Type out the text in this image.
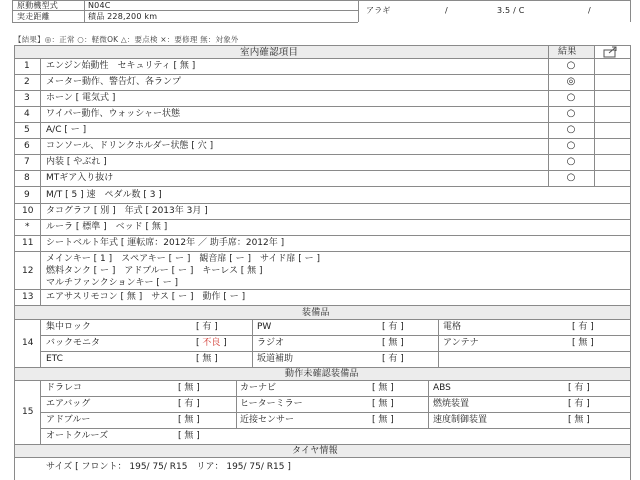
原動機型式	N04C
実走距離	積品 228,200 km
アラギ	/	3.5 / C	/
【結果】◎：正常 ○：軽微OK △：要点検 ×：要修理 無：対象外
室内確認項目	結果
1 エンジン始動性　セキュリティ [ 無 ]	○
2 メーター動作、警告灯、各ランプ	◎
3 ホーン [ 電気式 ]	○
4 ワイパー動作、ウォッシャー状態	○
5 A/C [ ー ]	○
6 コンソール、ドリンクホルダー状態 [ 穴 ]	○
7 内装 [ やぶれ ]	○
8 MTギア入り抜け	○
9 M/T [ 5 ] 速　ペダル数 [ 3 ]
10 タコグラフ [ 別 ]　年式 [ 2013年 3月 ]
* ルーラ [ 標準 ]　ベッド [ 無 ]
11 シートベルト年式 [ 運転席：2012年 ／ 助手席：2012年 ]
12
メインキー [ 1 ]　スペアキー [ ー ]　観音扉 [ ー ]　サイド扉 [ ー ]
燃料タンク [ ー ]　アドブルー [ ー ]　キーレス [ 無 ]
マルチファンクションキー [ ー ]
13 エアサスリモコン [ 無 ]　サス [ ー ]　動作 [ ー ]
装備品
14
集中ロック	[ 有 ]	PW	[ 有 ]	電格	[ 有 ]
バックモニタ	[ 不良 ]	ラジオ	[ 無 ]	アンテナ	[ 無 ]
ETC	[ 無 ]	坂道補助	[ 有 ]
動作未確認装備品
15
ドラレコ	[ 無 ]	カーナビ	[ 無 ]	ABS	[ 有 ]
エアバッグ	[ 有 ]	ヒーターミラー	[ 無 ]	燃焼装置	[ 有 ]
アドブルー	[ 無 ]	近接センサー	[ 無 ]	速度制御装置	[ 無 ]
オートクルーズ	[ 無 ]
タイヤ情報
サイズ [ フロント： 195/ 75/ R15　リア： 195/ 75/ R15 ]
